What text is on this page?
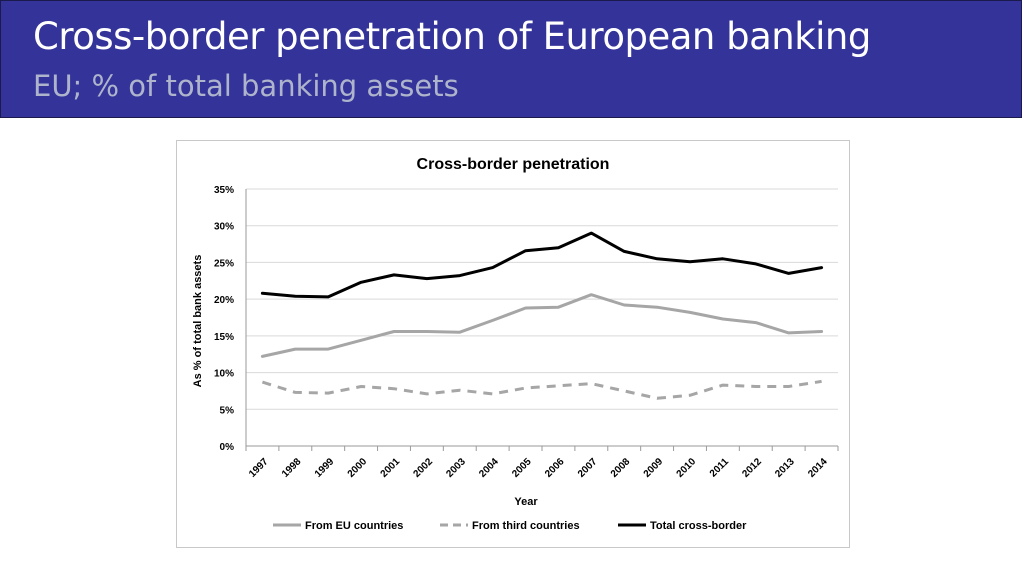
Cross-border penetration of European banking
EU; % of total banking assets
Cross-border penetration
0%
5%
10%
15%
20%
25%
30%
35%
1997 1998 1999 2000 2001 2002 2003 2004 2005 2006 2007 2008 2009 2010 2011 2012 2013 2014
As % of total bank assets
Year
From EU countries	From third countries	Total cross-border
